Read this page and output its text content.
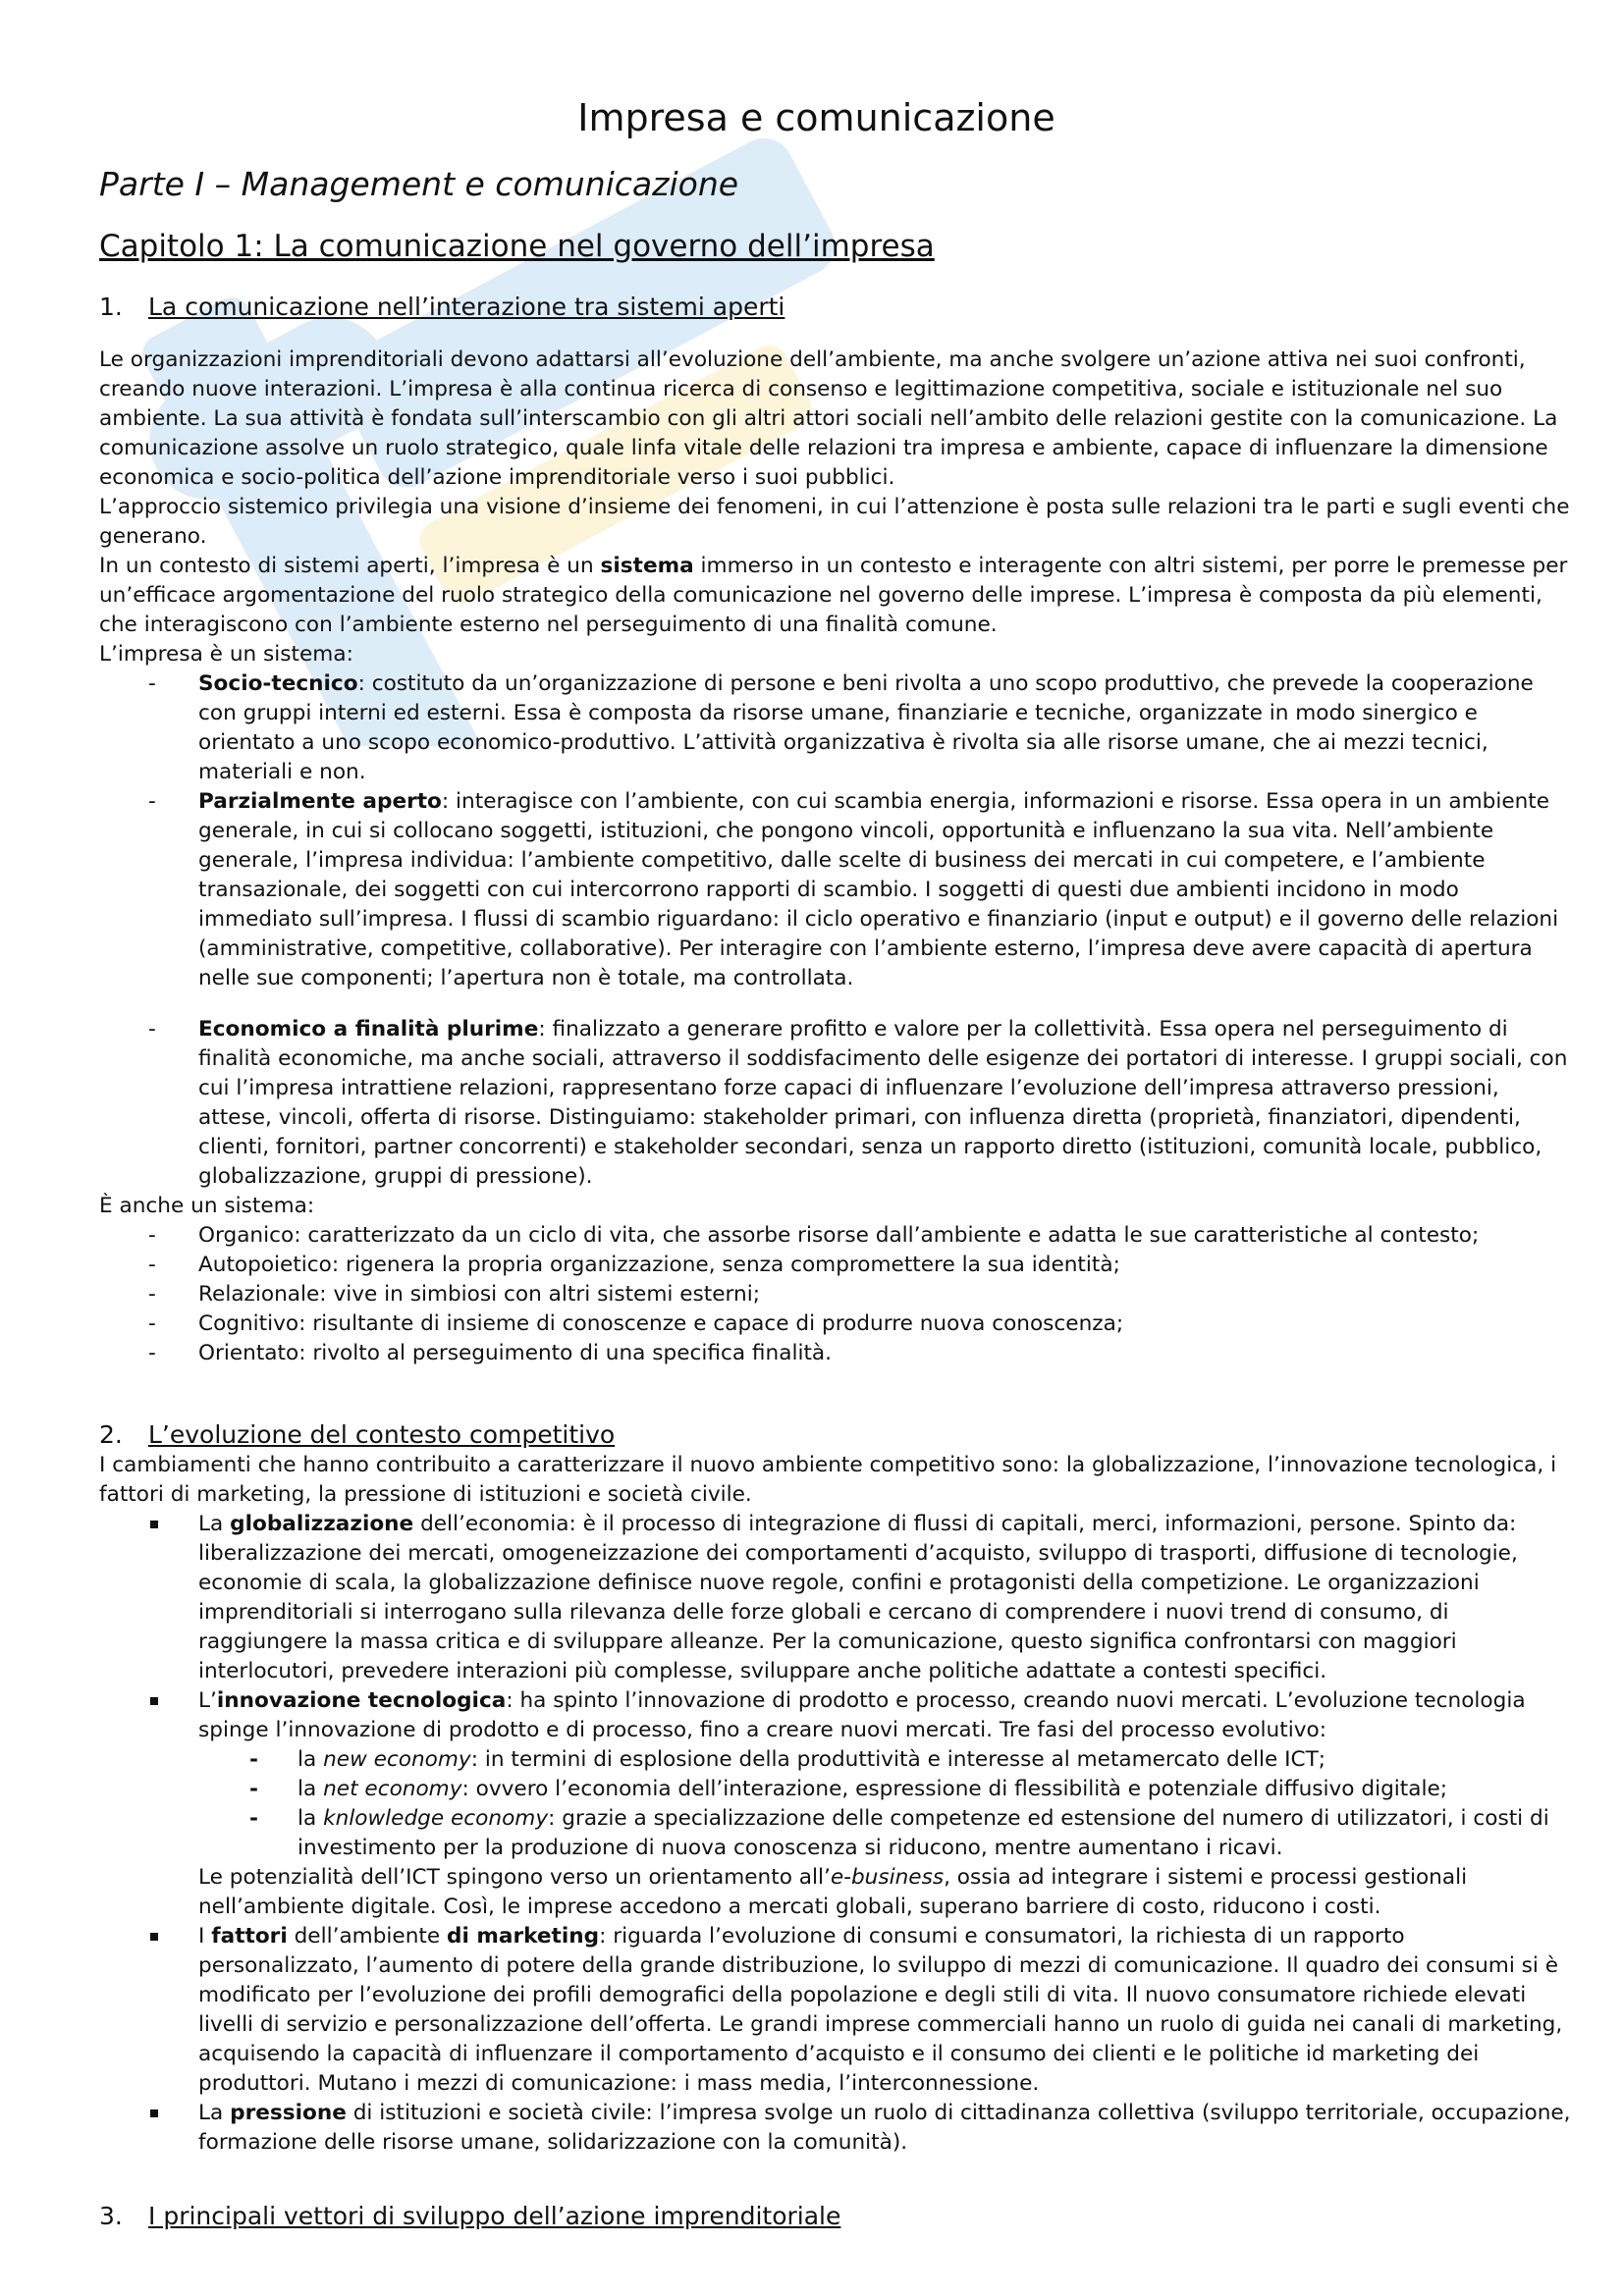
Impresa e comunicazione
Parte I – Management e comunicazione
Capitolo 1: La comunicazione nel governo dell’impresa
1. La comunicazione nell’interazione tra sistemi aperti

Le organizzazioni imprenditoriali devono adattarsi all’evoluzione dell’ambiente, ma anche svolgere un’azione attiva nei suoi confronti, creando nuove interazioni. L’impresa è alla continua ricerca di consenso e legittimazione competitiva, sociale e istituzionale nel suo ambiente. La sua attività è fondata sull’interscambio con gli altri attori sociali nell’ambito delle relazioni gestite con la comunicazione. La comunicazione assolve un ruolo strategico, quale linfa vitale delle relazioni tra impresa e ambiente, capace di influenzare la dimensione economica e socio-politica dell’azione imprenditoriale verso i suoi pubblici.

L’approccio sistemico privilegia una visione d’insieme dei fenomeni, in cui l’attenzione è posta sulle relazioni tra le parti e sugli eventi che generano.

In un contesto di sistemi aperti, l’impresa è un sistema immerso in un contesto e interagente con altri sistemi, per porre le premesse per un’efficace argomentazione del ruolo strategico della comunicazione nel governo delle imprese. L’impresa è composta da più elementi, che interagiscono con l’ambiente esterno nel perseguimento di una finalità comune.

L’impresa è un sistema:

- Socio-tecnico: costituto da un’organizzazione di persone e beni rivolta a uno scopo produttivo, che prevede la cooperazione con gruppi interni ed esterni. Essa è composta da risorse umane, finanziarie e tecniche, organizzate in modo sinergico e orientato a uno scopo economico-produttivo. L’attività organizzativa è rivolta sia alle risorse umane, che ai mezzi tecnici, materiali e non.
- Parzialmente aperto: interagisce con l’ambiente, con cui scambia energia, informazioni e risorse. Essa opera in un ambiente generale, in cui si collocano soggetti, istituzioni, che pongono vincoli, opportunità e influenzano la sua vita. Nell’ambiente generale, l’impresa individua: l’ambiente competitivo, dalle scelte di business dei mercati in cui competere, e l’ambiente transazionale, dei soggetti con cui intercorrono rapporti di scambio. I soggetti di questi due ambienti incidono in modo immediato sull’impresa. I flussi di scambio riguardano: il ciclo operativo e finanziario (input e output) e il governo delle relazioni (amministrative, competitive, collaborative). Per interagire con l’ambiente esterno, l’impresa deve avere capacità di apertura nelle sue componenti; l’apertura non è totale, ma controllata.
- Economico a finalità plurime: finalizzato a generare profitto e valore per la collettività. Essa opera nel perseguimento di finalità economiche, ma anche sociali, attraverso il soddisfacimento delle esigenze dei portatori di interesse. I gruppi sociali, con cui l’impresa intrattiene relazioni, rappresentano forze capaci di influenzare l’evoluzione dell’impresa attraverso pressioni, attese, vincoli, offerta di risorse. Distinguiamo: stakeholder primari, con influenza diretta (proprietà, finanziatori, dipendenti, clienti, fornitori, partner concorrenti) e stakeholder secondari, senza un rapporto diretto (istituzioni, comunità locale, pubblico, globalizzazione, gruppi di pressione).

È anche un sistema:

- Organico: caratterizzato da un ciclo di vita, che assorbe risorse dall’ambiente e adatta le sue caratteristiche al contesto;
- Autopoietico: rigenera la propria organizzazione, senza compromettere la sua identità;
- Relazionale: vive in simbiosi con altri sistemi esterni;
- Cognitivo: risultante di insieme di conoscenze e capace di produrre nuova conoscenza;
- Orientato: rivolto al perseguimento di una specifica finalità.
2. L’evoluzione del contesto competitivo

I cambiamenti che hanno contribuito a caratterizzare il nuovo ambiente competitivo sono: la globalizzazione, l’innovazione tecnologica, i fattori di marketing, la pressione di istituzioni e società civile.

La globalizzazione dell’economia: è il processo di integrazione di flussi di capitali, merci, informazioni, persone. Spinto da: liberalizzazione dei mercati, omogeneizzazione dei comportamenti d’acquisto, sviluppo di trasporti, diffusione di tecnologie, economie di scala, la globalizzazione definisce nuove regole, confini e protagonisti della competizione. Le organizzazioni imprenditoriali si interrogano sulla rilevanza delle forze globali e cercano di comprendere i nuovi trend di consumo, di raggiungere la massa critica e di sviluppare alleanze. Per la comunicazione, questo significa confrontarsi con maggiori interlocutori, prevedere interazioni più complesse, sviluppare anche politiche adattate a contesti specifici.
L’innovazione tecnologica: ha spinto l’innovazione di prodotto e processo, creando nuovi mercati. L’evoluzione tecnologia spinge l’innovazione di prodotto e di processo, fino a creare nuovi mercati. Tre fasi del processo evolutivo:
- la new economy: in termini di esplosione della produttività e interesse al metamercato delle ICT;
- la net economy: ovvero l’economia dell’interazione, espressione di flessibilità e potenziale diffusivo digitale;
- la knlowledge economy: grazie a specializzazione delle competenze ed estensione del numero di utilizzatori, i costi di investimento per la produzione di nuova conoscenza si riducono, mentre aumentano i ricavi.
Le potenzialità dell’ICT spingono verso un orientamento all’e-business, ossia ad integrare i sistemi e processi gestionali nell’ambiente digitale. Così, le imprese accedono a mercati globali, superano barriere di costo, riducono i costi.
I fattori dell’ambiente di marketing: riguarda l’evoluzione di consumi e consumatori, la richiesta di un rapporto personalizzato, l’aumento di potere della grande distribuzione, lo sviluppo di mezzi di comunicazione. Il quadro dei consumi si è modificato per l’evoluzione dei profili demografici della popolazione e degli stili di vita. Il nuovo consumatore richiede elevati livelli di servizio e personalizzazione dell’offerta. Le grandi imprese commerciali hanno un ruolo di guida nei canali di marketing, acquisendo la capacità di influenzare il comportamento d’acquisto e il consumo dei clienti e le politiche id marketing dei produttori. Mutano i mezzi di comunicazione: i mass media, l’interconnessione.
La pressione di istituzioni e società civile: l’impresa svolge un ruolo di cittadinanza collettiva (sviluppo territoriale, occupazione, formazione delle risorse umane, solidarizzazione con la comunità).
3. I principali vettori di sviluppo dell’azione imprenditoriale
